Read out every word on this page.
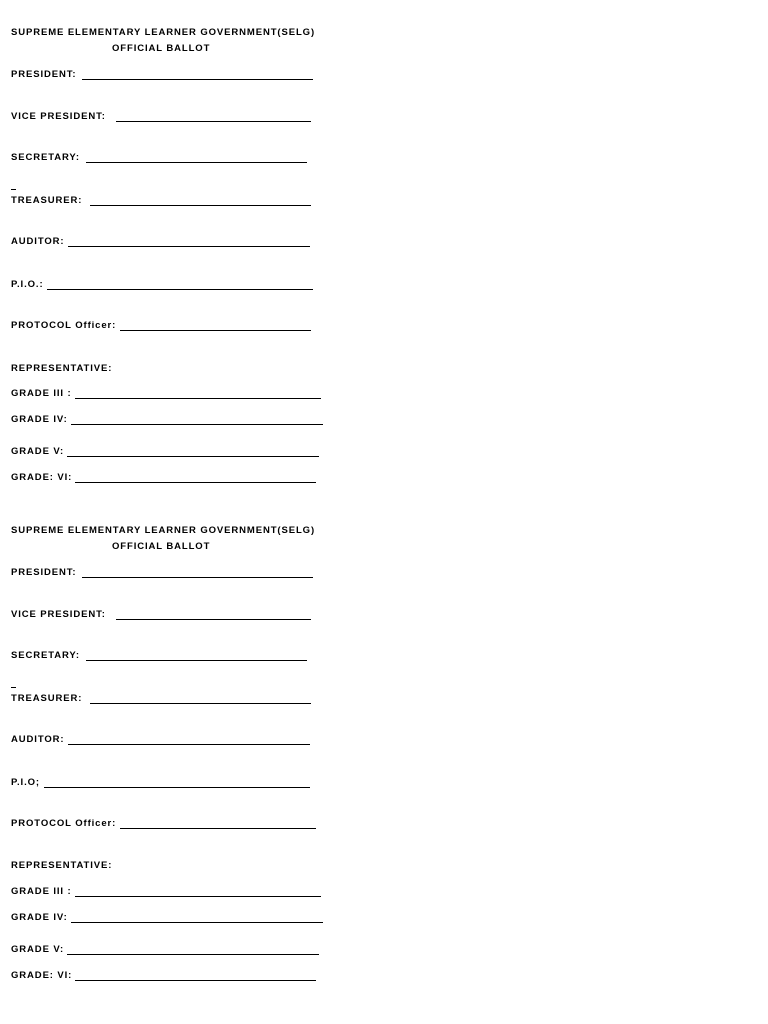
SUPREME ELEMENTARY LEARNER GOVERNMENT(SELG)
OFFICIAL BALLOT
PRESIDENT:
VICE PRESIDENT:
SECRETARY:
TREASURER:
AUDITOR:
P.I.O.:
PROTOCOL Officer:
REPRESENTATIVE:
GRADE III :
GRADE IV:
GRADE V:
GRADE: VI:
SUPREME ELEMENTARY LEARNER GOVERNMENT(SELG)
OFFICIAL BALLOT
PRESIDENT:
VICE PRESIDENT:
SECRETARY:
TREASURER:
AUDITOR:
P.I.O;
PROTOCOL Officer:
REPRESENTATIVE:
GRADE III :
GRADE IV:
GRADE V:
GRADE: VI:
